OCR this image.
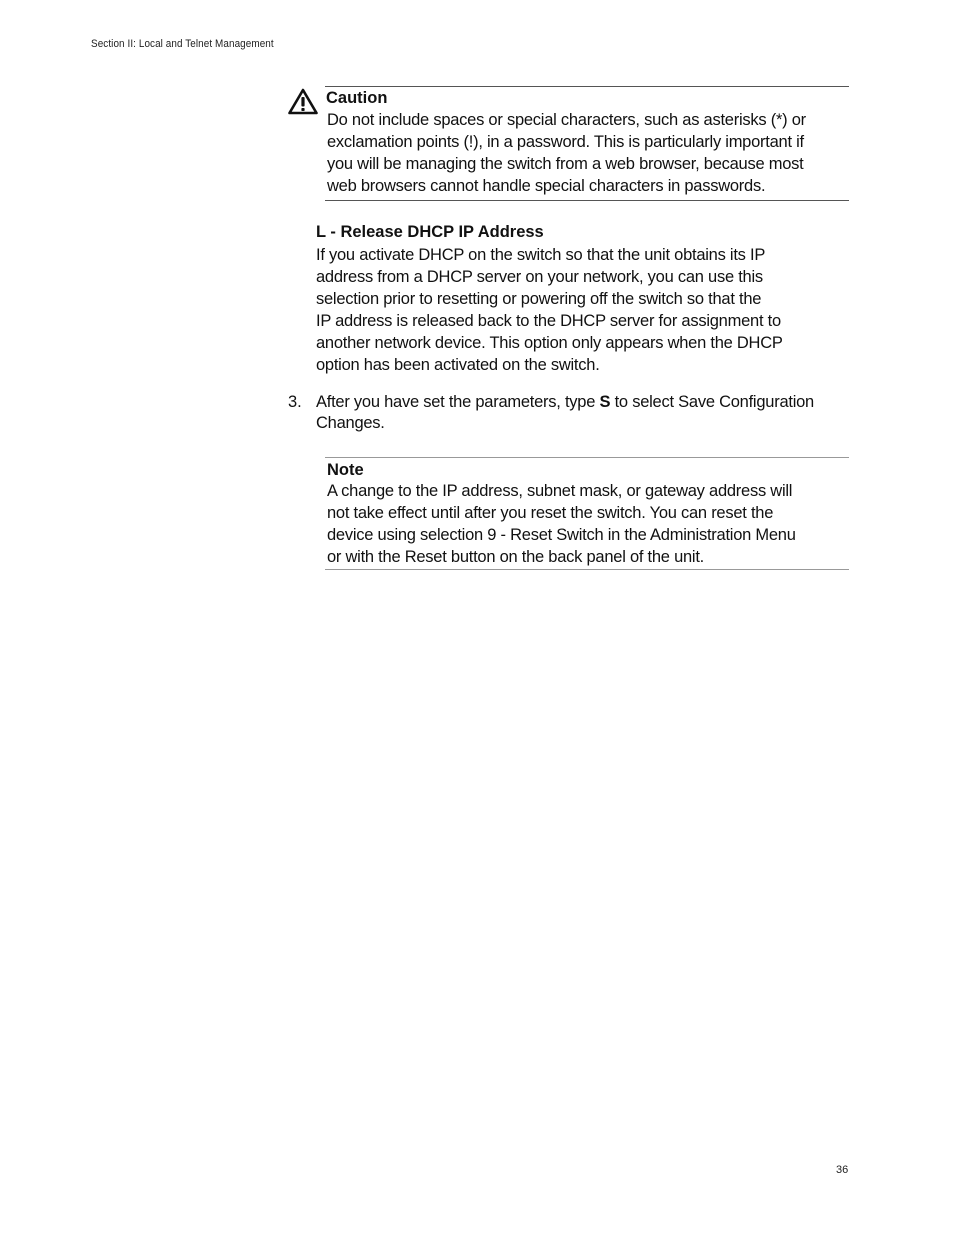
Section II: Local and Telnet Management
Caution
Do not include spaces or special characters, such as asterisks (*) or
exclamation points (!), in a password. This is particularly important if
you will be managing the switch from a web browser, because most
web browsers cannot handle special characters in passwords.
L - Release DHCP IP Address
If you activate DHCP on the switch so that the unit obtains its IP
address from a DHCP server on your network, you can use this
selection prior to resetting or powering off the switch so that the
IP address is released back to the DHCP server for assignment to
another network device. This option only appears when the DHCP
option has been activated on the switch.
3. After you have set the parameters, type S to select Save Configuration Changes.
Note
A change to the IP address, subnet mask, or gateway address will
not take effect until after you reset the switch. You can reset the
device using selection 9 - Reset Switch in the Administration Menu
or with the Reset button on the back panel of the unit.
36
